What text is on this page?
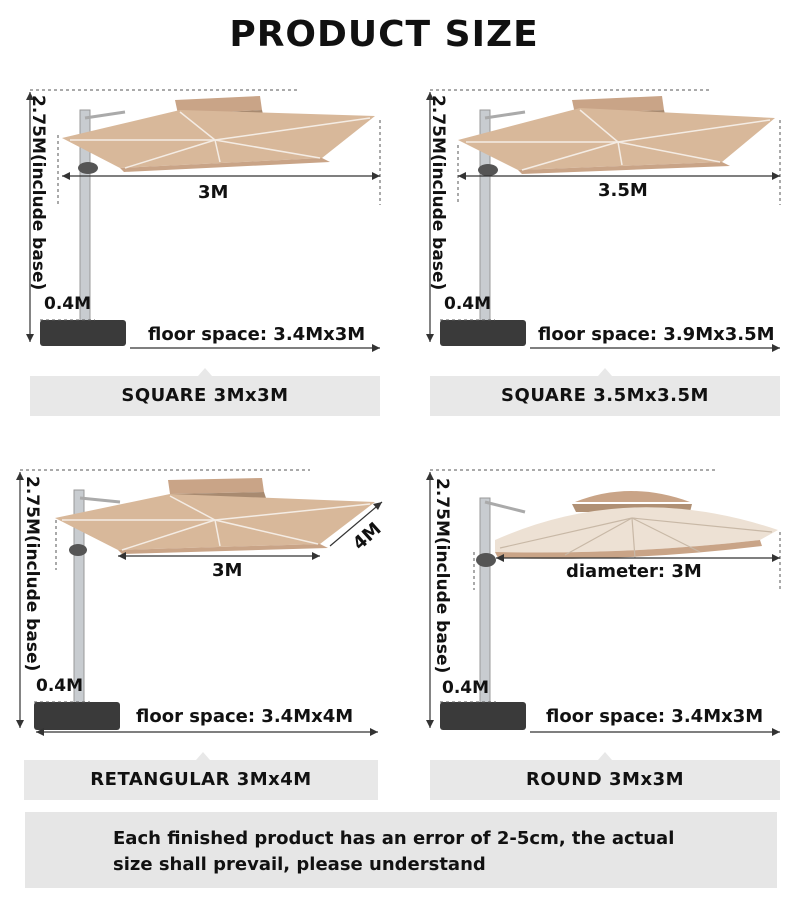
PRODUCT SIZE
2.75M(include base)
0.4M
3M
floor space: 3.4Mx3M
SQUARE 3Mx3M
2.75M(include base)
0.4M
3.5M
floor space: 3.9Mx3.5M
SQUARE 3.5Mx3.5M
2.75M(include base)
0.4M
3M
4M
floor space: 3.4Mx4M
RETANGULAR 3Mx4M
2.75M(include base)
0.4M
diameter: 3M
floor space: 3.4Mx3M
ROUND 3Mx3M
Each finished product has an error of 2-5cm, the actual
size shall prevail, please understand
